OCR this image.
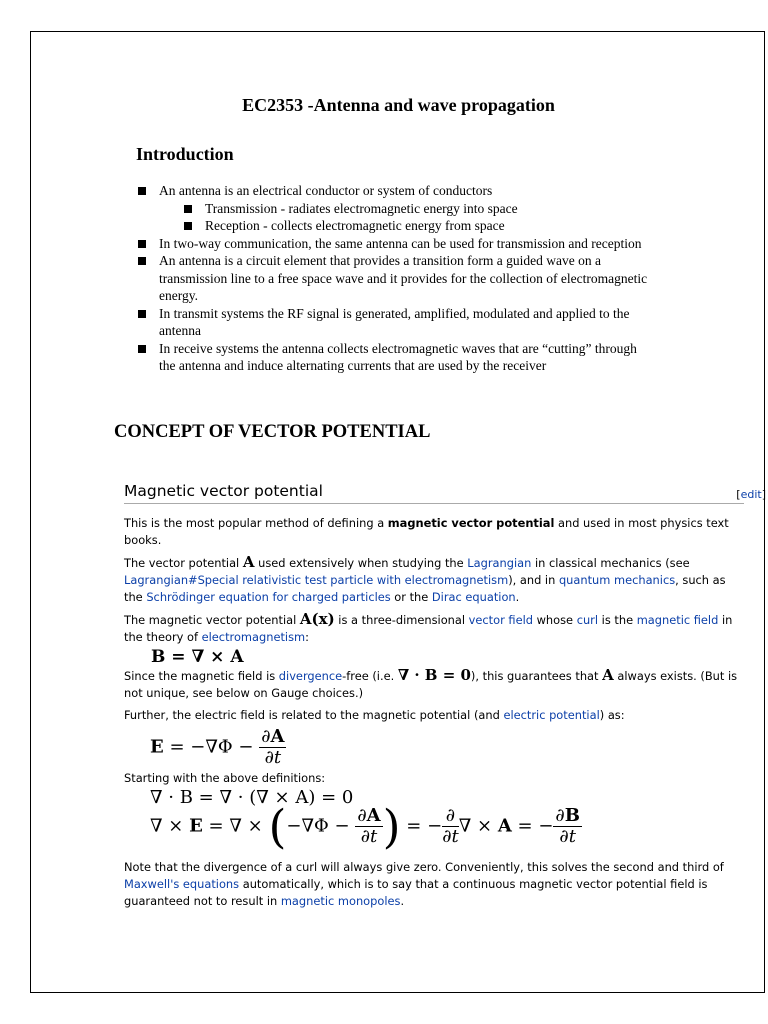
EC2353 -Antenna and wave propagation
Introduction
An antenna is an electrical conductor or system of conductors
Transmission - radiates electromagnetic energy into space
Reception - collects electromagnetic energy from space
In two-way communication, the same antenna can be used for transmission and reception
An antenna is a circuit element that provides a transition form a guided wave on a transmission line to a free space wave and it provides for the collection of electromagnetic energy.
In transmit systems the RF signal is generated, amplified, modulated and applied to the antenna
In receive systems the antenna collects electromagnetic waves that are “cutting” through the antenna and induce alternating currents that are used by the receiver
CONCEPT OF VECTOR POTENTIAL
Magnetic vector potential	[edit]

This is the most popular method of defining a magnetic vector potential and used in most physics text books.

The vector potential A used extensively when studying the Lagrangian in classical mechanics (see Lagrangian#Special relativistic test particle with electromagnetism), and in quantum mechanics, such as the Schrödinger equation for charged particles or the Dirac equation.

The magnetic vector potential A(x) is a three-dimensional vector field whose curl is the magnetic field in the theory of electromagnetism:

B = ∇ × A

Since the magnetic field is divergence-free (i.e. ∇ · B = 0), this guarantees that A always exists. (But is not unique, see below on Gauge choices.)

Further, the electric field is related to the magnetic potential (and electric potential) as:

$E = -\nabla\Phi - \frac{\partial A}{\partial t}$

Starting with the above definitions:

∇ · B = ∇ · (∇ × A) = 0
∇ × E = ∇ × ($-\nabla\Phi - \frac{\partial A}{\partial t}$ ) = − $\frac{\partial}{\partial t}$ ∇ × A = − $\frac{\partial B}{\partial t}$

Note that the divergence of a curl will always give zero. Conveniently, this solves the second and third of Maxwell's equations automatically, which is to say that a continuous magnetic vector potential field is guaranteed not to result in magnetic monopoles.
